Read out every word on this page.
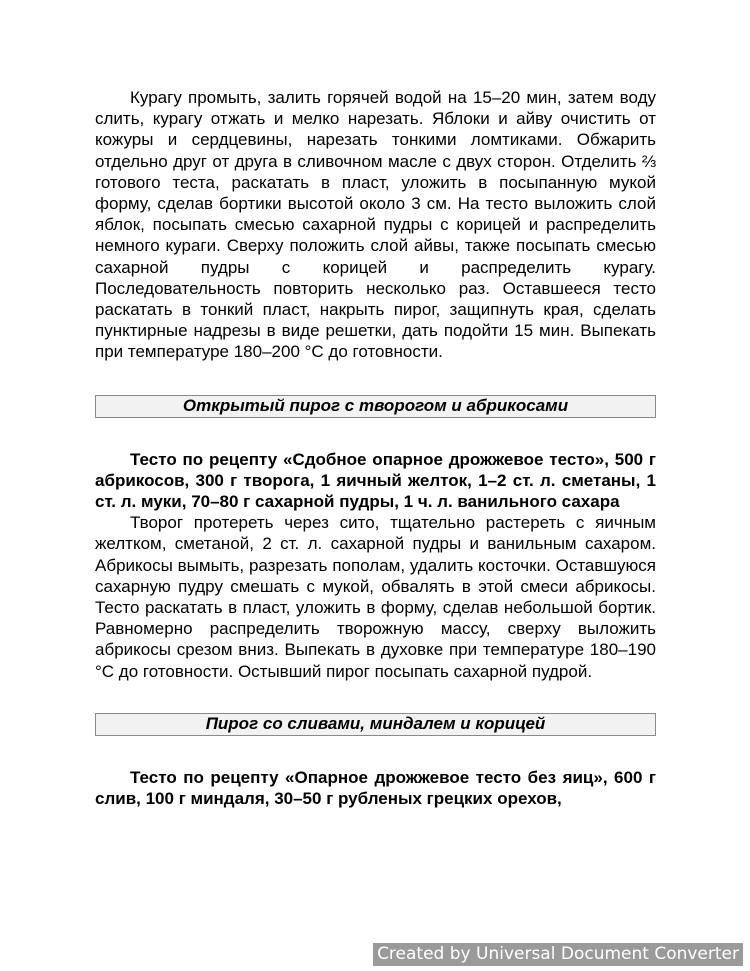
Курагу промыть, залить горячей водой на 15–20 мин, затем воду слить, курагу отжать и мелко нарезать. Яблоки и айву очистить от кожуры и сердцевины, нарезать тонкими ломтиками. Обжарить отдельно друг от друга в сливочном масле с двух сторон. Отделить ⅔ готового теста, раскатать в пласт, уложить в посыпанную мукой форму, сделав бортики высотой около 3 см. На тесто выложить слой яблок, посыпать смесью сахарной пудры с корицей и распределить немного кураги. Сверху положить слой айвы, также посыпать смесью сахарной пудры с корицей и распределить курагу. Последовательность повторить несколько раз. Оставшееся тесто раскатать в тонкий пласт, накрыть пирог, защипнуть края, сделать пунктирные надрезы в виде решетки, дать подойти 15 мин. Выпекать при температуре 180–200 °C до готовности.

Открытый пирог с творогом и абрикосами

Тесто по рецепту «Сдобное опарное дрожжевое тесто», 500 г абрикосов, 300 г творога, 1 яичный желток, 1–2 ст. л. сметаны, 1 ст. л. муки, 70–80 г сахарной пудры, 1 ч. л. ванильного сахара

Творог протереть через сито, тщательно растереть с яичным желтком, сметаной, 2 ст. л. сахарной пудры и ванильным сахаром. Абрикосы вымыть, разрезать пополам, удалить косточки. Оставшуюся сахарную пудру смешать с мукой, обвалять в этой смеси абрикосы. Тесто раскатать в пласт, уложить в форму, сделав небольшой бортик. Равномерно распределить творожную массу, сверху выложить абрикосы срезом вниз. Выпекать в духовке при температуре 180–190 °C до готовности. Остывший пирог посыпать сахарной пудрой.

Пирог со сливами, миндалем и корицей

Тесто по рецепту «Опарное дрожжевое тесто без яиц», 600 г слив, 100 г миндаля, 30–50 г рубленых грецких орехов,

Created by Universal Document Converter
